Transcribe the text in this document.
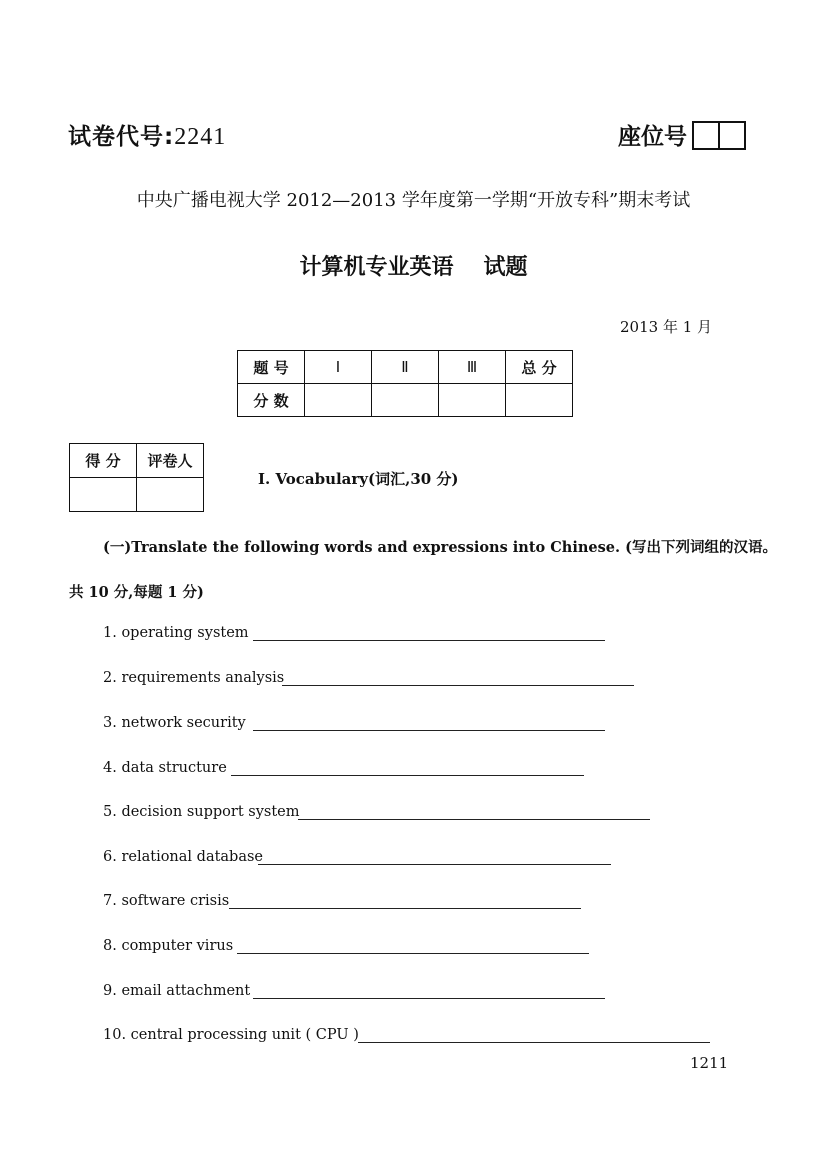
试卷代号:2241	座位号
中央广播电视大学 2012—2013 学年度第一学期“开放专科”期末考试
计算机专业英语 试题
2013 年 1 月
题 号	Ⅰ	Ⅱ	Ⅲ	总 分
分 数				
得 分	评卷人

Ⅰ. Vocabulary(词汇,30 分)
(一)Translate the following words and expressions into Chinese. (写出下列词组的汉语。
共 10 分,每题 1 分)
1. operating system
2. requirements analysis
3. network security
4. data structure
5. decision support system
6. relational database
7. software crisis
8. computer virus
9. email attachment
10. central processing unit ( CPU )
1211
